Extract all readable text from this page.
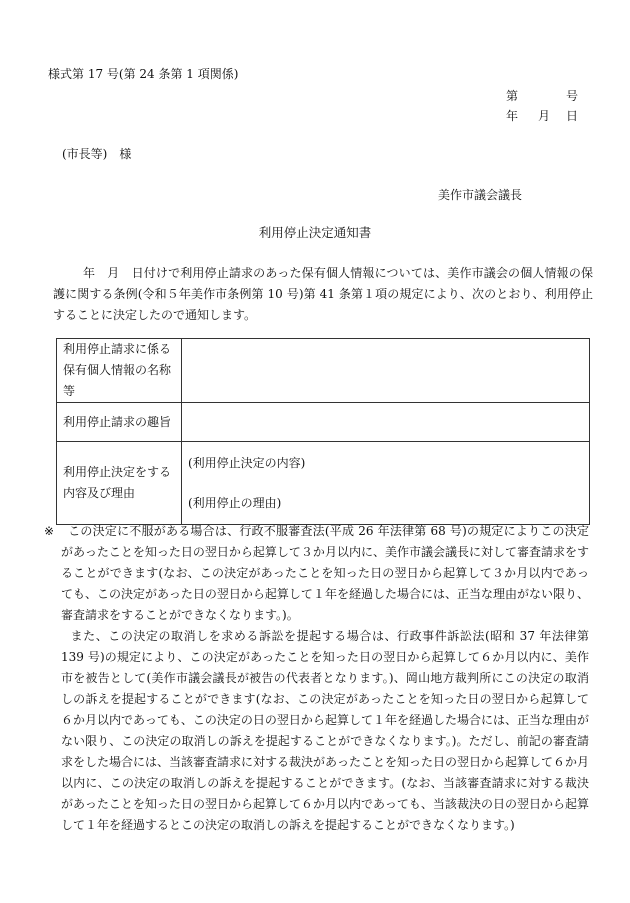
様式第 17 号(第 24 条第 1 項関係)
第	号
年 月 日
(市長等)　様
美作市議会議長
利用停止決定通知書
年　月　日付けで利用停止請求のあった保有個人情報については、美作市議会の個人情報の保護に関する条例(令和５年美作市条例第 10 号)第 41 条第１項の規定により、次のとおり、利用停止することに決定したので通知します。
利用停止請求に係る保有個人情報の名称等	
利用停止請求の趣旨	
利用停止決定をする内容及び理由	(利用停止決定の内容)
(利用停止の理由)
※	この決定に不服がある場合は、行政不服審査法(平成 26 年法律第 68 号)の規定によりこの決定があったことを知った日の翌日から起算して３か月以内に、美作市議会議長に対して審査請求をすることができます(なお、この決定があったことを知った日の翌日から起算して３か月以内であっても、この決定があった日の翌日から起算して１年を経過した場合には、正当な理由がない限り、審査請求をすることができなくなります。)。
また、この決定の取消しを求める訴訟を提起する場合は、行政事件訴訟法(昭和 37 年法律第 139 号)の規定により、この決定があったことを知った日の翌日から起算して６か月以内に、美作市を被告として(美作市議会議長が被告の代表者となります。)、岡山地方裁判所にこの決定の取消しの訴えを提起することができます(なお、この決定があったことを知った日の翌日から起算して６か月以内であっても、この決定の日の翌日から起算して１年を経過した場合には、正当な理由がない限り、この決定の取消しの訴えを提起することができなくなります。)。ただし、前記の審査請求をした場合には、当該審査請求に対する裁決があったことを知った日の翌日から起算して６か月以内に、この決定の取消しの訴えを提起することができます。(なお、当該審査請求に対する裁決があったことを知った日の翌日から起算して６か月以内であっても、当該裁決の日の翌日から起算して１年を経過するとこの決定の取消しの訴えを提起することができなくなります。)
